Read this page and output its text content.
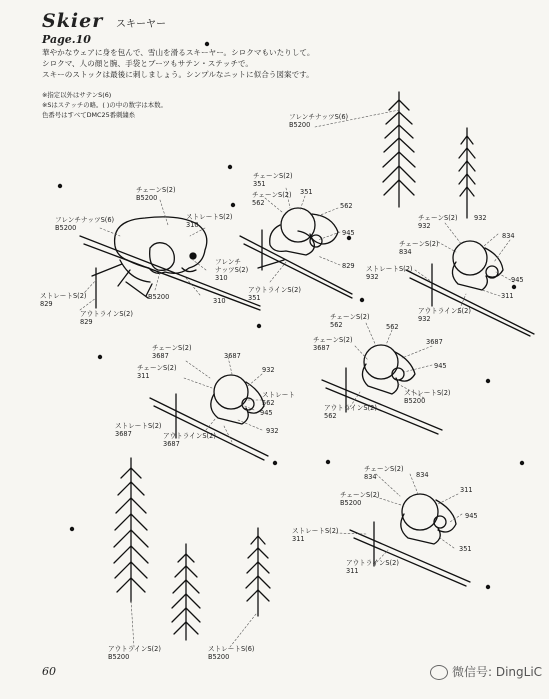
Skier スキーヤー
Page.10
華やかなウェアに身を包んで、雪山を滑るスキーヤー。シロクマもいたりして。
シロクマ、人の顔と腕、手袋とブーツもサテン・ステッチで。
スキーのストックは最後に刺しましょう。シンプルなニットに似合う図案です。
※指定以外はサテンS(6)
※Sはステッチの略。( )の中の数字は本数。
色番号はすべてDMC25番刺繍糸	フレンチナッツS(6)
B5200
チェーンS(2)
B5200
フレンチナッツS(6)
B5200
ストレートS(2)
829
アウトラインS(2)
829
B5200
ストレートS(2)
310
フレンチ
ナッツS(2)
310
310
チェーンS(2)
351
チェーンS(2)
562
351
562
945
829
アウトラインS(2)
351
チェーンS(2)
932
932
834
チェーンS(2)
834
945
ストレートS(2)
932
311
アウトラインS(2)
932
チェーンS(2)
562	562
チェーンS(2)
3687
3687
945
ストレートS(2)
B5200
アウトラインS(2)
562
チェーンS(2)
3687	3687
チェーンS(2)
311
932
ストレート
562
945
ストレートS(2)
3687	932
アウトラインS(2)
3687
チェーンS(2)
834	834
311
チェーンS(2)
B5200
945
ストレートS(2)
311
351
アウトラインS(2)
311
アウトラインS(2)
B5200
ストレートS(6)
B5200
60	微信号: DingLiC
